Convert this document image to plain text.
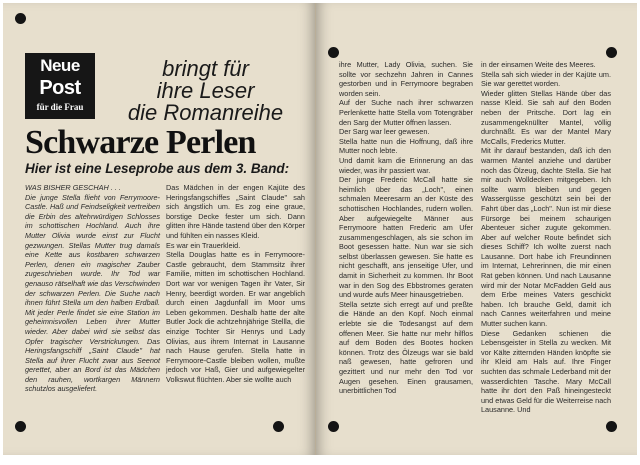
Neue
Post
für die Frau
bringt für
ihre Leser
die Romanreihe
Schwarze Perlen
Hier ist eine Leseprobe aus dem 3. Band:

WAS BISHER GESCHAH . . .

Die junge Stella flieht von Ferrymoore-Castle. Haß und Feindseligkeit vertreiben die Erbin des altehrwürdigen Schlosses im schottischen Hochland. Auch ihre Mutter Olivia wurde einst zur Flucht gezwungen. Stellas Mutter trug damals eine Kette aus kostbaren schwarzen Perlen, denen ein magischer Zauber zugeschrieben wurde. Ihr Tod war genauso rätselhaft wie das Verschwinden der schwarzen Perlen. Die Suche nach ihnen führt Stella um den halben Erdball. Mit jeder Perle findet sie eine Station im geheimnisvollen Leben ihrer Mutter wieder. Aber dabei wird sie selbst das Opfer tragischer Verstrickungen. Das Heringsfangschiff „Saint Claude" hat Stella auf ihrer Flucht zwar aus Seenot gerettet, aber an Bord ist das Mädchen den rauhen, wortkargen Männern schutzlos ausgeliefert.

Das Mädchen in der engen Kajüte des Heringsfangschiffes „Saint Claude" sah sich ängstlich um. Es zog eine graue, borstige Decke fester um sich. Dann glitten ihre Hände tastend über den Körper und fühlten ein nasses Kleid.

Es war ein Trauerkleid.

Stella Douglas hatte es in Ferrymoore-Castle gebraucht, dem Stammsitz ihrer Familie, mitten im schottischen Hochland. Dort war vor wenigen Tagen ihr Vater, Sir Henry, beerdigt worden. Er war angeblich durch einen Jagdunfall im Moor ums Leben gekommen. Deshalb hatte der alte Butler Jock die achtzehnjährige Stellla, die einzige Tochter Sir Henrys und Lady Olivias, aus ihrem Internat in Lausanne nach Hause gerufen. Stella hatte in Ferrymoore-Castle bleiben wollen, mußte jedoch vor Haß, Gier und aufgewiegelter Volkswut flüchten. Aber sie wollte auch

ihre Mutter, Lady Olivia, suchen. Sie sollte vor sechzehn Jahren in Cannes gestorben und in Ferrymoore begraben worden sein.

Auf der Suche nach ihrer schwarzen Perlenkette hatte Stella vom Totengräber den Sarg der Mutter öffnen lassen.

Der Sarg war leer gewesen.

Stella hatte nun die Hoffnung, daß ihre Mutter noch lebte.

Und damit kam die Erinnerung an das wieder, was ihr passiert war.

Der junge Frederic McCall hatte sie heimlich über das „Loch", einen schmalen Meeresarm an der Küste des schottischen Hochlandes, rudern wollen. Aber aufgewiegelte Männer aus Ferrymoore hatten Frederic am Ufer zusammengeschlagen, als sie schon im Boot gesessen hatte. Nun war sie sich selbst überlassen gewesen. Sie hatte es nicht geschafft, ans jenseitige Ufer, und damit in Sicherheit zu kommen. Ihr Boot war in den Sog des Ebbstromes geraten und wurde aufs Meer hinausgetrieben.

Stella setzte sich erregt auf und preßte die Hände an den Kopf. Noch einmal erlebte sie die Todesangst auf dem offenen Meer. Sie hatte nur mehr hilflos auf dem Boden des Bootes hocken können. Trotz des Ölzeugs war sie bald naß gewesen, hatte gefroren und gezittert und nur mehr den Tod vor Augen gesehen. Einen grausamen, unerbittlichen Tod

in der einsamen Weite des Meeres.

Stella sah sich wieder in der Kajüte um. Sie war gerettet worden.

Wieder glitten Stellas Hände über das nasse Kleid. Sie sah auf den Boden neben der Pritsche. Dort lag ein zusammengeknüllter Mantel, völlig durchnäßt. Es war der Mantel Mary McCalls, Frederics Mutter.

Mit ihr darauf bestanden, daß ich den warmen Mantel anziehe und darüber noch das Ölzeug, dachte Stella. Sie hat mir auch Wolldecken mitgegeben. Ich sollte warm bleiben und gegen Wassergüsse geschützt sein bei der Fahrt über das „Loch". Nun ist mir diese Fürsorge bei meinem schaurigen Abenteuer sicher zugute gekommen. Aber auf welcher Route befindet sich dieses Schiff? Ich wollte zuerst nach Lausanne. Dort habe ich Freundinnen im Internat, Lehrerinnen, die mir einen Rat geben können. Und nach Lausanne wird mir der Notar McFadden Geld aus dem Erbe meines Vaters geschickt haben. Ich brauche Geld, damit ich nach Cannes weiterfahren und meine Mutter suchen kann.

Diese Gedanken schienen die Lebensgeister in Stella zu wecken. Mit vor Kälte zitternden Händen knöpfte sie ihr Kleid am Hals auf. Ihre Finger suchten das schmale Lederband mit der wasserdichten Tasche. Mary McCall hatte ihr dort den Paß hineingesteckt und etwas Geld für die Weiterreise nach Lausanne. Und
